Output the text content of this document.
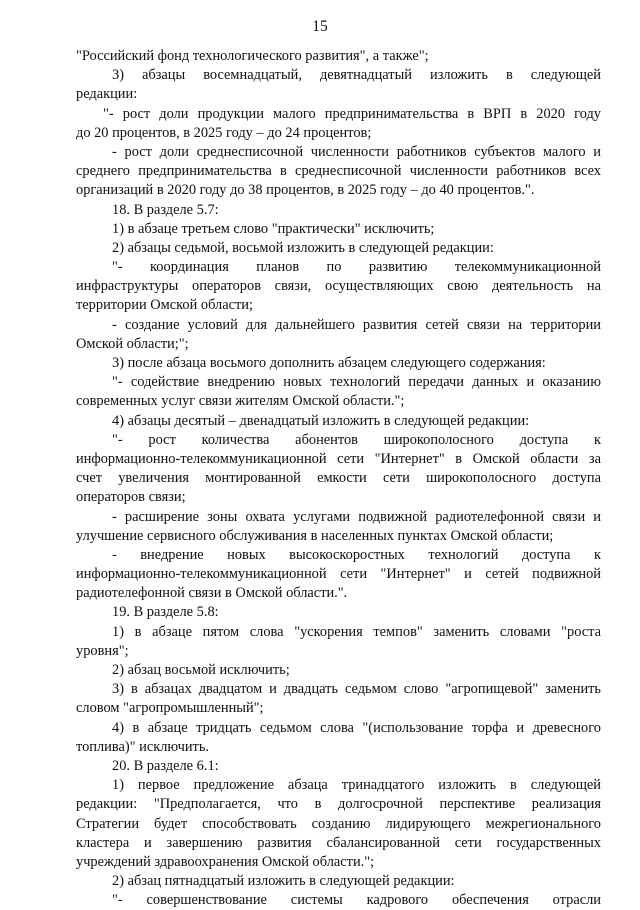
15
"Российский фонд технологического развития", а также";
3) абзацы восемнадцатый, девятнадцатый изложить в следующей
редакции:
"- рост доли продукции малого предпринимательства в ВРП в 2020 году
до 20 процентов, в 2025 году – до 24 процентов;
- рост доли среднесписочной численности работников субъектов малого и
среднего предпринимательства в среднесписочной численности работников всех
организаций в 2020 году до 38 процентов, в 2025 году – до 40 процентов.".
18. В разделе 5.7:
1) в абзаце третьем слово "практически" исключить;
2) абзацы седьмой, восьмой изложить в следующей редакции:
"- координация планов по развитию телекоммуникационной
инфраструктуры операторов связи, осуществляющих свою деятельность на
территории Омской области;
- создание условий для дальнейшего развития сетей связи на территории
Омской области;";
3) после абзаца восьмого дополнить абзацем следующего содержания:
"- содействие внедрению новых технологий передачи данных и оказанию
современных услуг связи жителям Омской области.";
4) абзацы десятый – двенадцатый изложить в следующей редакции:
"- рост количества абонентов широкополосного доступа к
информационно-телекоммуникационной сети "Интернет" в Омской области за
счет увеличения монтированной емкости сети широкополосного доступа
операторов связи;
- расширение зоны охвата услугами подвижной радиотелефонной связи и
улучшение сервисного обслуживания в населенных пунктах Омской области;
- внедрение новых высокоскоростных технологий доступа к
информационно-телекоммуникационной сети "Интернет" и сетей подвижной
радиотелефонной связи в Омской области.".
19. В разделе 5.8:
1) в абзаце пятом слова "ускорения темпов" заменить словами "роста
уровня";
2) абзац восьмой исключить;
3) в абзацах двадцатом и двадцать седьмом слово "агропищевой" заменить
словом "агропромышленный";
4) в абзаце тридцать седьмом слова "(использование торфа и древесного
топлива)" исключить.
20. В разделе 6.1:
1) первое предложение абзаца тринадцатого изложить в следующей
редакции: "Предполагается, что в долгосрочной перспективе реализация
Стратегии будет способствовать созданию лидирующего межрегионального
кластера и завершению развития сбалансированной сети государственных
учреждений здравоохранения Омской области.";
2) абзац пятнадцатый изложить в следующей редакции:
"- совершенствование системы кадрового обеспечения отрасли
